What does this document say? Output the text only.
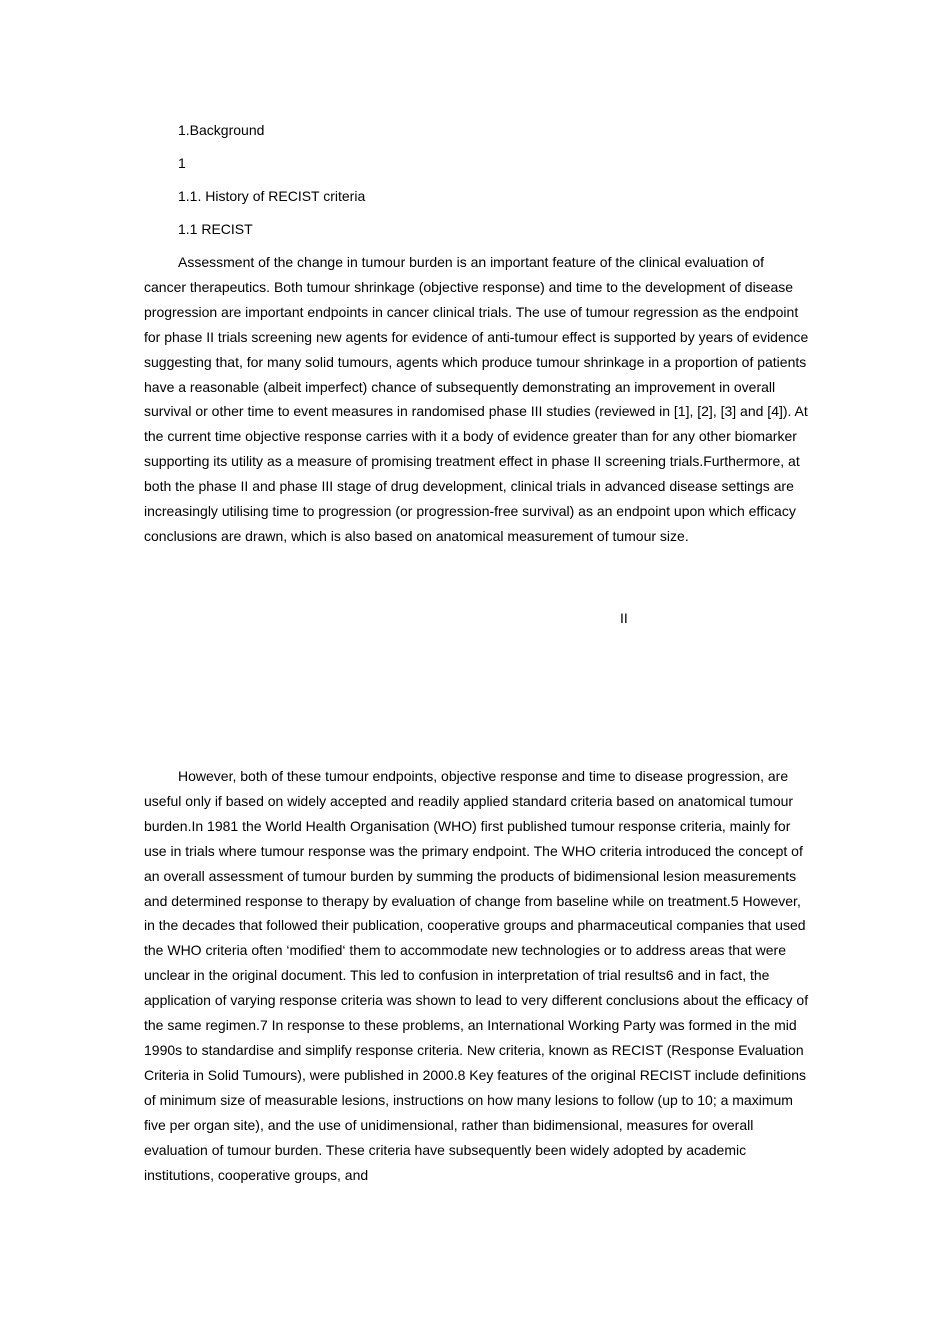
1.Background
1
1.1. History of RECIST criteria
1.1 RECIST

Assessment of the change in tumour burden is an important feature of the clinical evaluation of cancer therapeutics. Both tumour shrinkage (objective response) and time to the development of disease progression are important endpoints in cancer clinical trials. The use of tumour regression as the endpoint for phase II trials screening new agents for evidence of anti-tumour effect is supported by years of evidence suggesting that, for many solid tumours, agents which produce tumour shrinkage in a proportion of patients have a reasonable (albeit imperfect) chance of subsequently demonstrating an improvement in overall survival or other time to event measures in randomised phase III studies (reviewed in [1], [2], [3] and [4]). At the current time objective response carries with it a body of evidence greater than for any other biomarker supporting its utility as a measure of promising treatment effect in phase II screening trials.Furthermore, at both the phase II and phase III stage of drug development, clinical trials in advanced disease settings are increasingly utilising time to progression (or progression-free survival) as an endpoint upon which efficacy conclusions are drawn, which is also based on anatomical measurement of tumour size.

II

However, both of these tumour endpoints, objective response and time to disease progression, are useful only if based on widely accepted and readily applied standard criteria based on anatomical tumour burden.In 1981 the World Health Organisation (WHO) first published tumour response criteria, mainly for use in trials where tumour response was the primary endpoint. The WHO criteria introduced the concept of an overall assessment of tumour burden by summing the products of bidimensional lesion measurements and determined response to therapy by evaluation of change from baseline while on treatment.5 However, in the decades that followed their publication, cooperative groups and pharmaceutical companies that used the WHO criteria often ‘modified‘ them to accommodate new technologies or to address areas that were unclear in the original document. This led to confusion in interpretation of trial results6 and in fact, the application of varying response criteria was shown to lead to very different conclusions about the efficacy of the same regimen.7 In response to these problems, an International Working Party was formed in the mid 1990s to standardise and simplify response criteria. New criteria, known as RECIST (Response Evaluation Criteria in Solid Tumours), were published in 2000.8 Key features of the original RECIST include definitions of minimum size of measurable lesions, instructions on how many lesions to follow (up to 10; a maximum five per organ site), and the use of unidimensional, rather than bidimensional, measures for overall evaluation of tumour burden. These criteria have subsequently been widely adopted by academic institutions, cooperative groups, and
